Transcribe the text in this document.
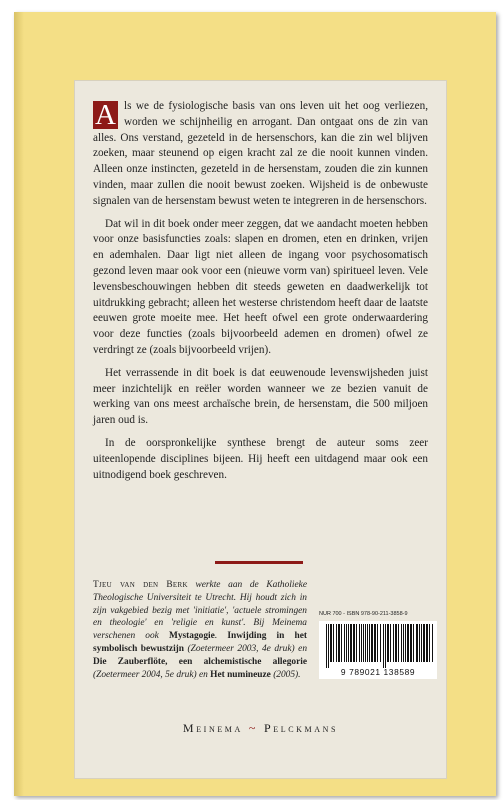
A ls we de fysiologische basis van ons leven uit het oog verliezen, worden we schijnheilig en arrogant. Dan ontgaat ons de zin van alles. Ons verstand, gezeteld in de hersenschors, kan die zin wel blijven zoeken, maar steunend op eigen kracht zal ze die nooit kunnen vinden. Alleen onze instincten, gezeteld in de hersenstam, zouden die zin kunnen vinden, maar zullen die nooit bewust zoeken. Wijsheid is de onbewuste signalen van de hersenstam bewust weten te integreren in de hersenschors.

Dat wil in dit boek onder meer zeggen, dat we aandacht moeten hebben voor onze basisfuncties zoals: slapen en dromen, eten en drinken, vrijen en ademhalen. Daar ligt niet alleen de ingang voor psychosomatisch gezond leven maar ook voor een (nieuwe vorm van) spiritueel leven. Vele levensbeschouwingen hebben dit steeds geweten en daadwerkelijk tot uitdrukking gebracht; alleen het westerse christendom heeft daar de laatste eeuwen grote moeite mee. Het heeft ofwel een grote onderwaardering voor deze functies (zoals bijvoorbeeld ademen en dromen) ofwel ze verdringt ze (zoals bijvoorbeeld vrijen).

Het verrassende in dit boek is dat eeuwenoude levenswijsheden juist meer inzichtelijk en reëler worden wanneer we ze bezien vanuit de werking van ons meest archaïsche brein, de hersenstam, die 500 miljoen jaren oud is.

In de oorspronkelijke synthese brengt de auteur soms zeer uiteenlopende disciplines bijeen. Hij heeft een uitdagend maar ook een uitnodigend boek geschreven.

Tjeu van den Berk werkte aan de Katholieke Theologische Universiteit te Utrecht. Hij houdt zich in zijn vakgebied bezig met 'initiatie', 'actuele stromingen en theologie' en 'religie en kunst'. Bij Meinema verschenen ook Mystagogie. Inwijding in het symbolisch bewustzijn (Zoetermeer 2003, 4e druk) en Die Zauberflöte, een alchemistische allegorie (Zoetermeer 2004, 5e druk) en Het numineuze (2005).
NUR 700 - ISBN 978-90-211-3858-9
9 789021 138589
Meinema ~ Pelckmans
